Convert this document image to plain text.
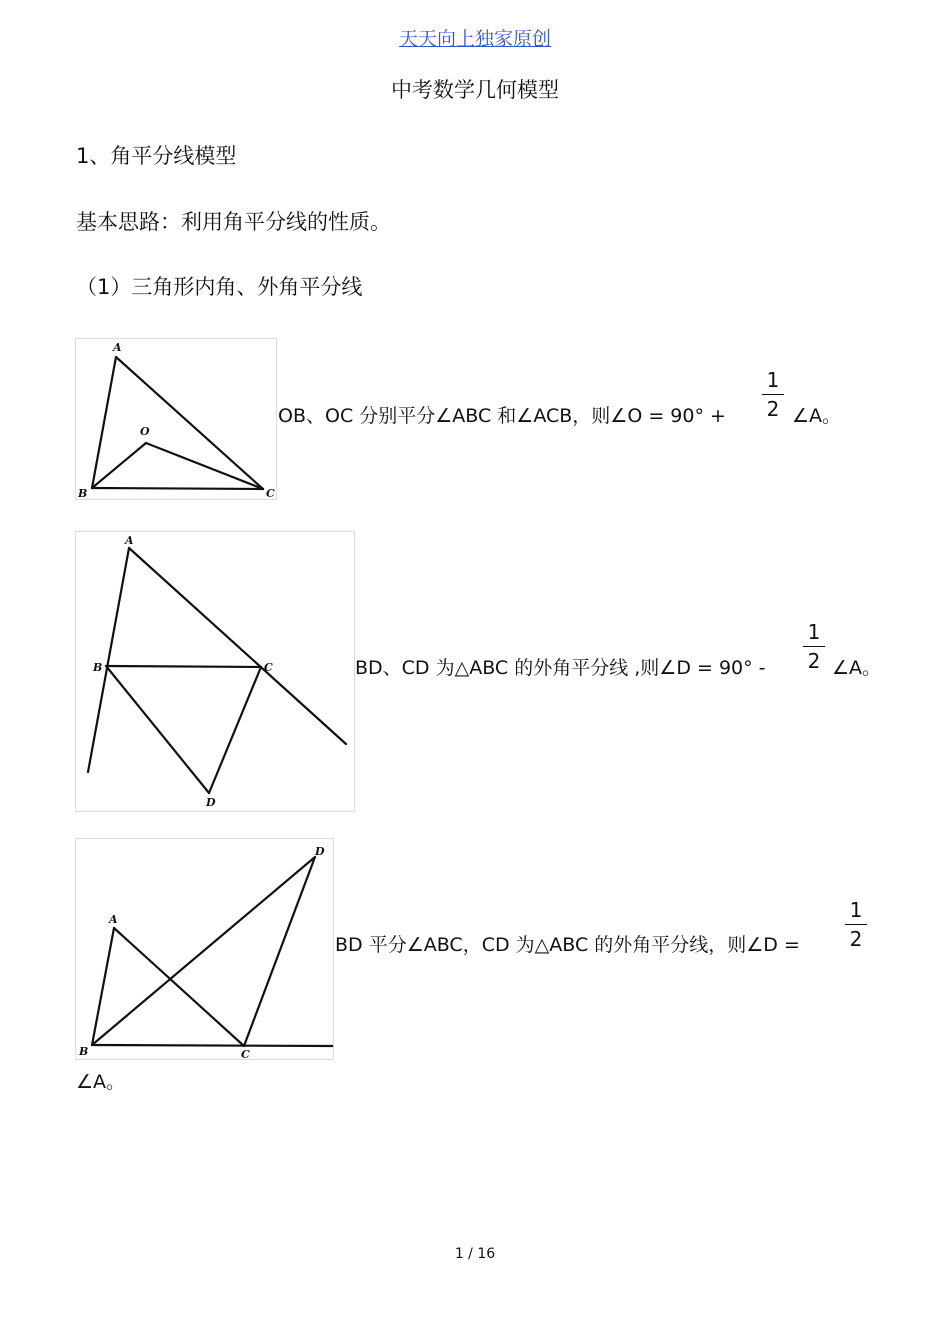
天天向上独家原创
中考数学几何模型
1、角平分线模型
基本思路：利用角平分线的性质。
（1）三角形内角、外角平分线
A
O
B	C
OB、OC 分别平分∠ABC 和∠ACB，则∠O = 90° +
1
2 ∠A。
A
B	C
D
BD、CD 为△ABC 的外角平分线 ,则∠D = 90° -
1
2 ∠A。
A
B	C
D
BD 平分∠ABC，CD 为△ABC 的外角平分线，则∠D =
1
2
∠A。
1 / 16
